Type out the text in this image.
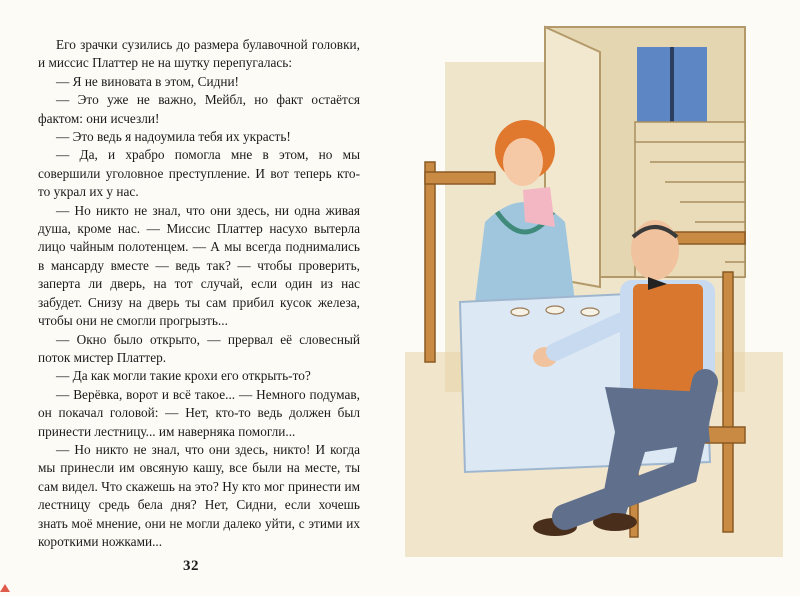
Его зрачки сузились до размера булавочной головки, и миссис Платтер не на шутку перепугалась:

— Я не виновата в этом, Сидни!

— Это уже не важно, Мейбл, но факт остаётся фактом: они исчезли!

— Это ведь я надоумила тебя их украсть!

— Да, и храбро помогла мне в этом, но мы совершили уголовное преступление. И вот теперь кто-то украл их у нас.

— Но никто не знал, что они здесь, ни одна живая душа, кроме нас. — Миссис Платтер насухо вытерла лицо чайным полотенцем. — А мы всегда поднимались в мансарду вместе — ведь так? — чтобы проверить, заперта ли дверь, на тот случай, если один из нас забудет. Снизу на дверь ты сам прибил кусок железа, чтобы они не смогли прогрызть...

— Окно было открыто, — прервал её словесный поток мистер Платтер.

— Да как могли такие крохи его открыть-то?

— Верёвка, ворот и всё такое... — Немного подумав, он покачал головой: — Нет, кто-то ведь должен был принести лестницу... им наверняка помогли...

— Но никто не знал, что они здесь, никто! И когда мы принесли им овсяную кашу, все были на месте, ты сам видел. Что скажешь на это? Ну кто мог принести им лестницу средь бела дня? Нет, Сидни, если хочешь знать моё мнение, они не могли далеко уйти, с этими их короткими ножками...

32
